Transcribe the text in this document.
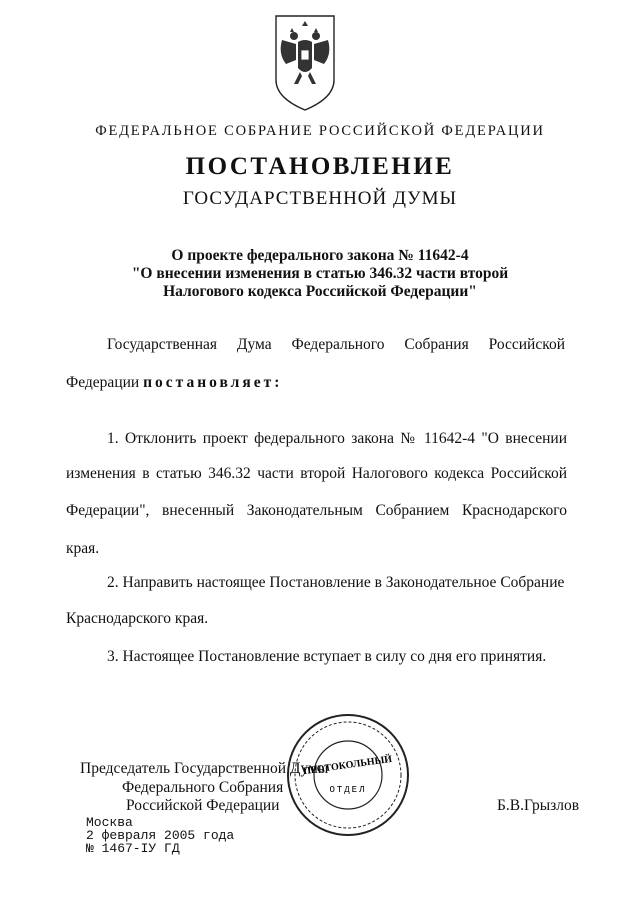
ФЕДЕРАЛЬНОЕ СОБРАНИЕ РОССИЙСКОЙ ФЕДЕРАЦИИ
ПОСТАНОВЛЕНИЕ
ГОСУДАРСТВЕННОЙ ДУМЫ
О проекте федерального закона № 11642-4
"О внесении изменения в статью 346.32 части второй
Налогового кодекса Российской Федерации"
Государственная Дума Федерального Собрания Российской
Федерации постановляет:
1. Отклонить проект федерального закона № 11642-4 "О внесении
изменения в статью 346.32 части второй Налогового кодекса Российской
Федерации", внесенный Законодательным Собранием Краснодарского
края.
2. Направить настоящее Постановление в Законодательное Собрание
Краснодарского края.
3. Настоящее Постановление вступает в силу со дня его принятия.
Председатель Государственной Думы
Федерального Собрания
Российской Федерации	Б.В.Грызлов
ПРОТОКОЛЬНЫЙ
ОТДЕЛ
Москва
2 февраля 2005 года
№ 1467-IУ ГД
